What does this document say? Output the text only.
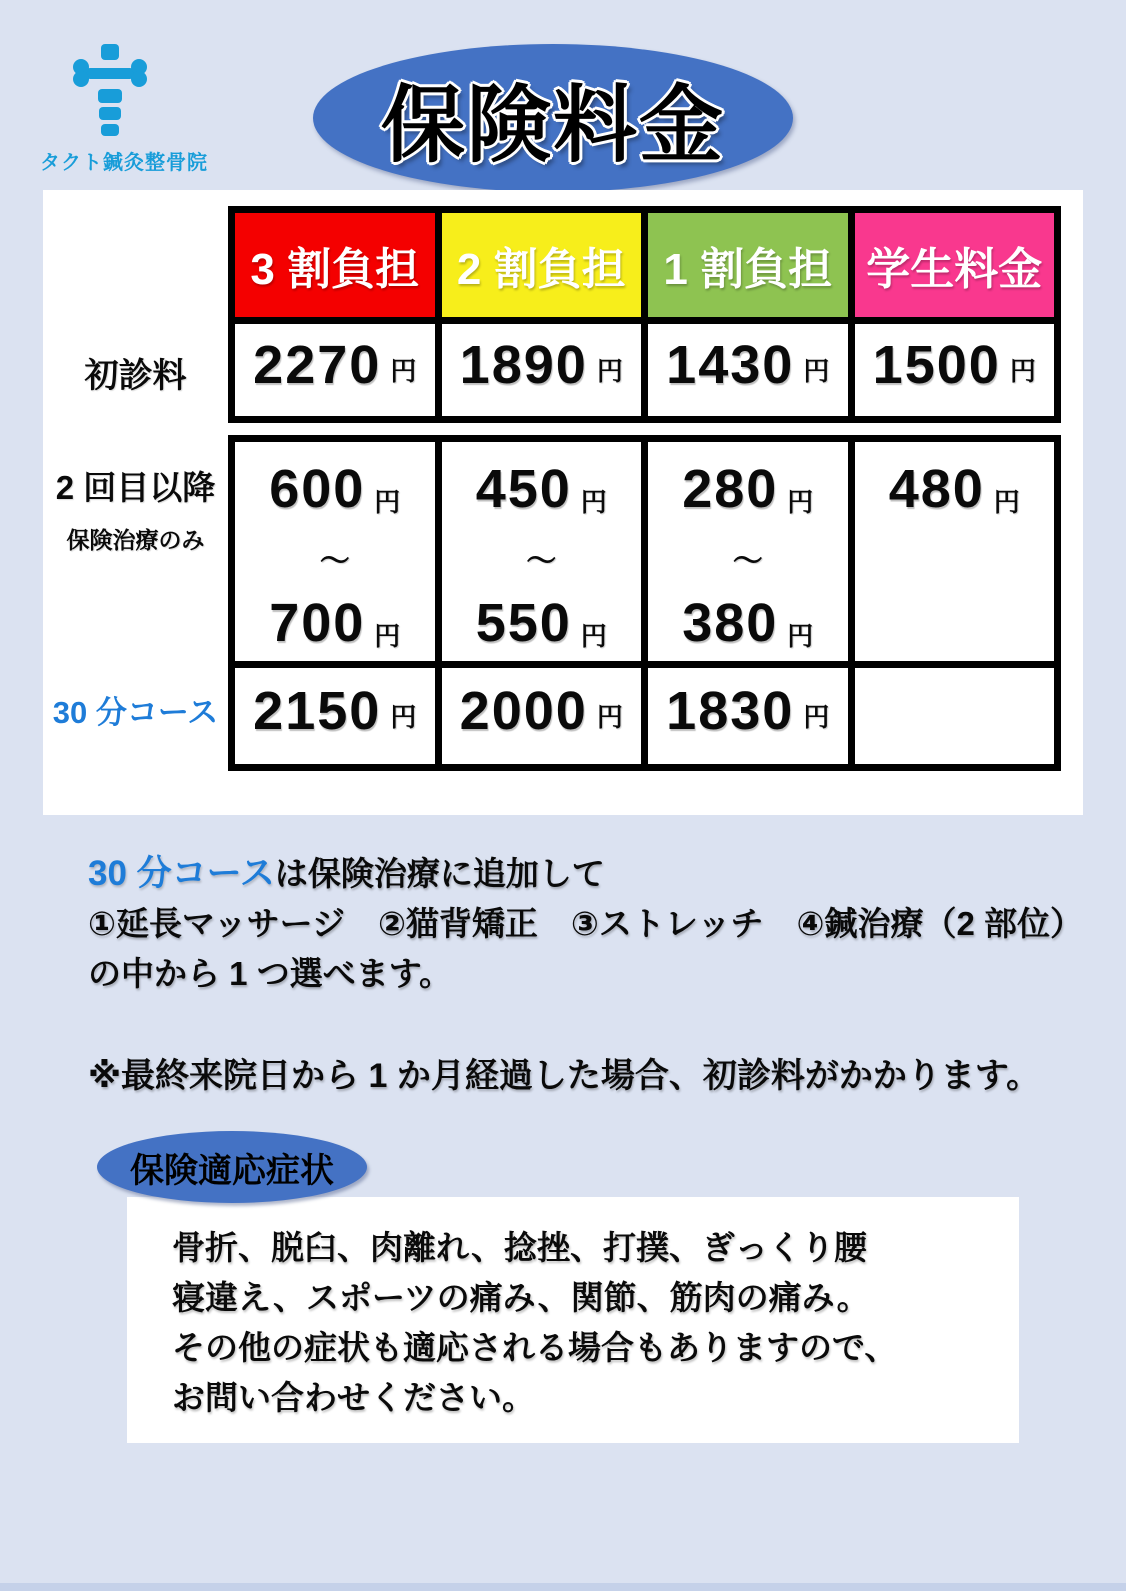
タクト鍼灸整骨院 保険料金
初診料
2 回目以降
保険治療のみ
30 分コース
3 割負担 2 割負担 1 割負担 学生料金
2270 円 1890 円 1430 円 1500 円
600 円
〜
700 円
450 円
〜
550 円
280 円
〜
380 円
480 円
2150 円 2000 円 1830 円
30 分コースは保険治療に追加して
①延長マッサージ　②猫背矯正　③ストレッチ　④鍼治療（2 部位）
の中から 1 つ選べます。
※最終来院日から 1 か月経過した場合、初診料がかかります。
保険適応症状
骨折、脱臼、肉離れ、捻挫、打撲、ぎっくり腰
寝違え、スポーツの痛み、関節、筋肉の痛み。
その他の症状も適応される場合もありますので、
お問い合わせください。
